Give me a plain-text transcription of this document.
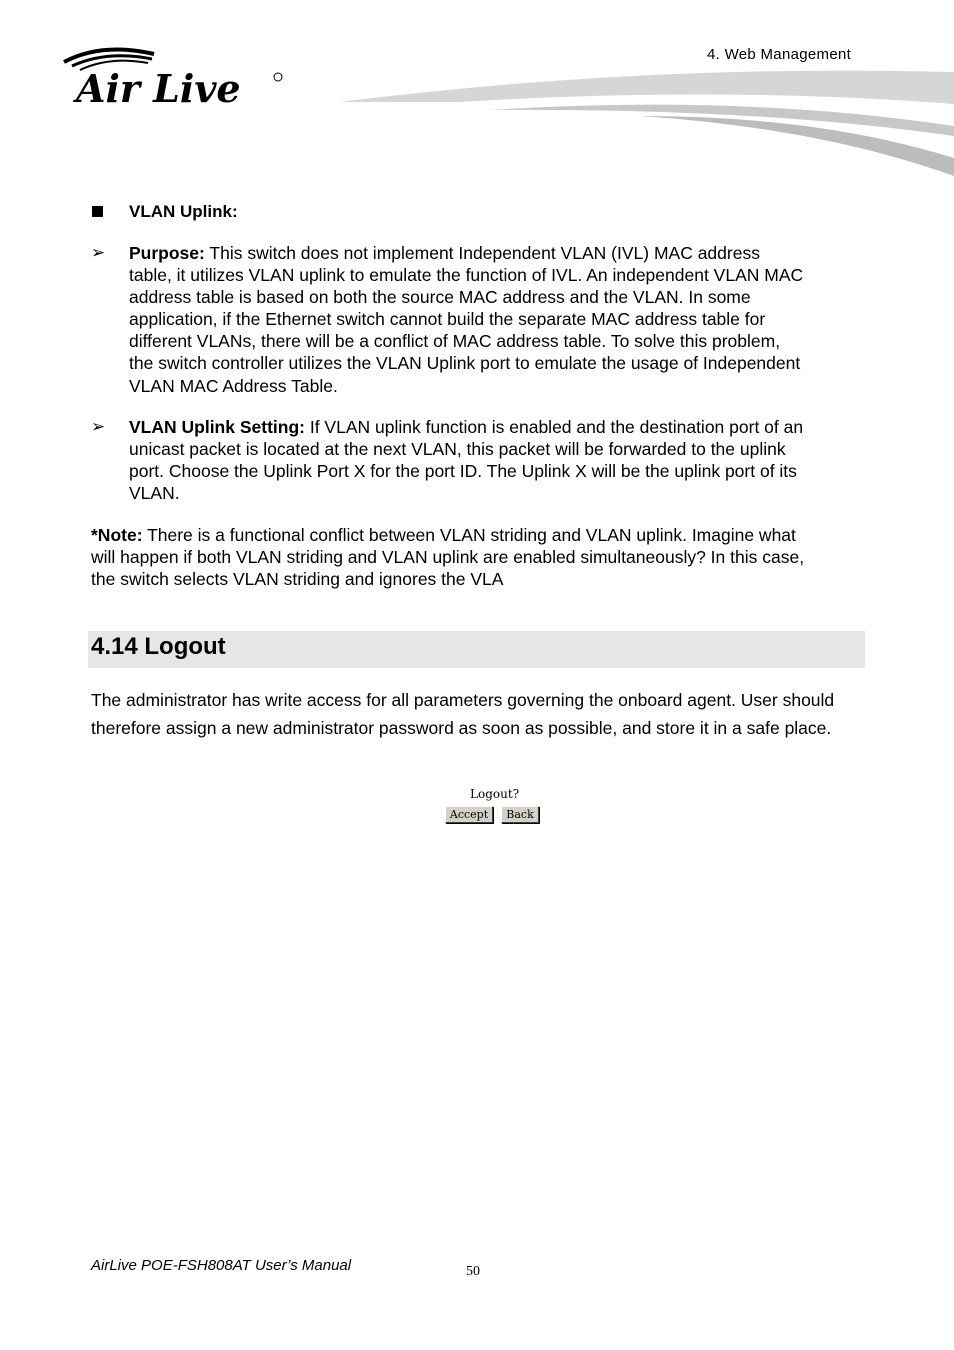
Air Live
4. Web Management
VLAN Uplink:
➢ Purpose: This switch does not implement Independent VLAN (IVL) MAC address
table, it utilizes VLAN uplink to emulate the function of IVL. An independent VLAN MAC
address table is based on both the source MAC address and the VLAN. In some
application, if the Ethernet switch cannot build the separate MAC address table for
different VLANs, there will be a conflict of MAC address table. To solve this problem,
the switch controller utilizes the VLAN Uplink port to emulate the usage of Independent
VLAN MAC Address Table.
➢ VLAN Uplink Setting: If VLAN uplink function is enabled and the destination port of an
unicast packet is located at the next VLAN, this packet will be forwarded to the uplink
port. Choose the Uplink Port X for the port ID. The Uplink X will be the uplink port of its
VLAN.
*Note: There is a functional conflict between VLAN striding and VLAN uplink. Imagine what
will happen if both VLAN striding and VLAN uplink are enabled simultaneously? In this case,
the switch selects VLAN striding and ignores the VLA
4.14 Logout
The administrator has write access for all parameters governing the onboard agent. User should therefore assign a new administrator password as soon as possible, and store it in a safe place.
Logout?
Accept	Back
AirLive POE-FSH808AT User’s Manual	50
